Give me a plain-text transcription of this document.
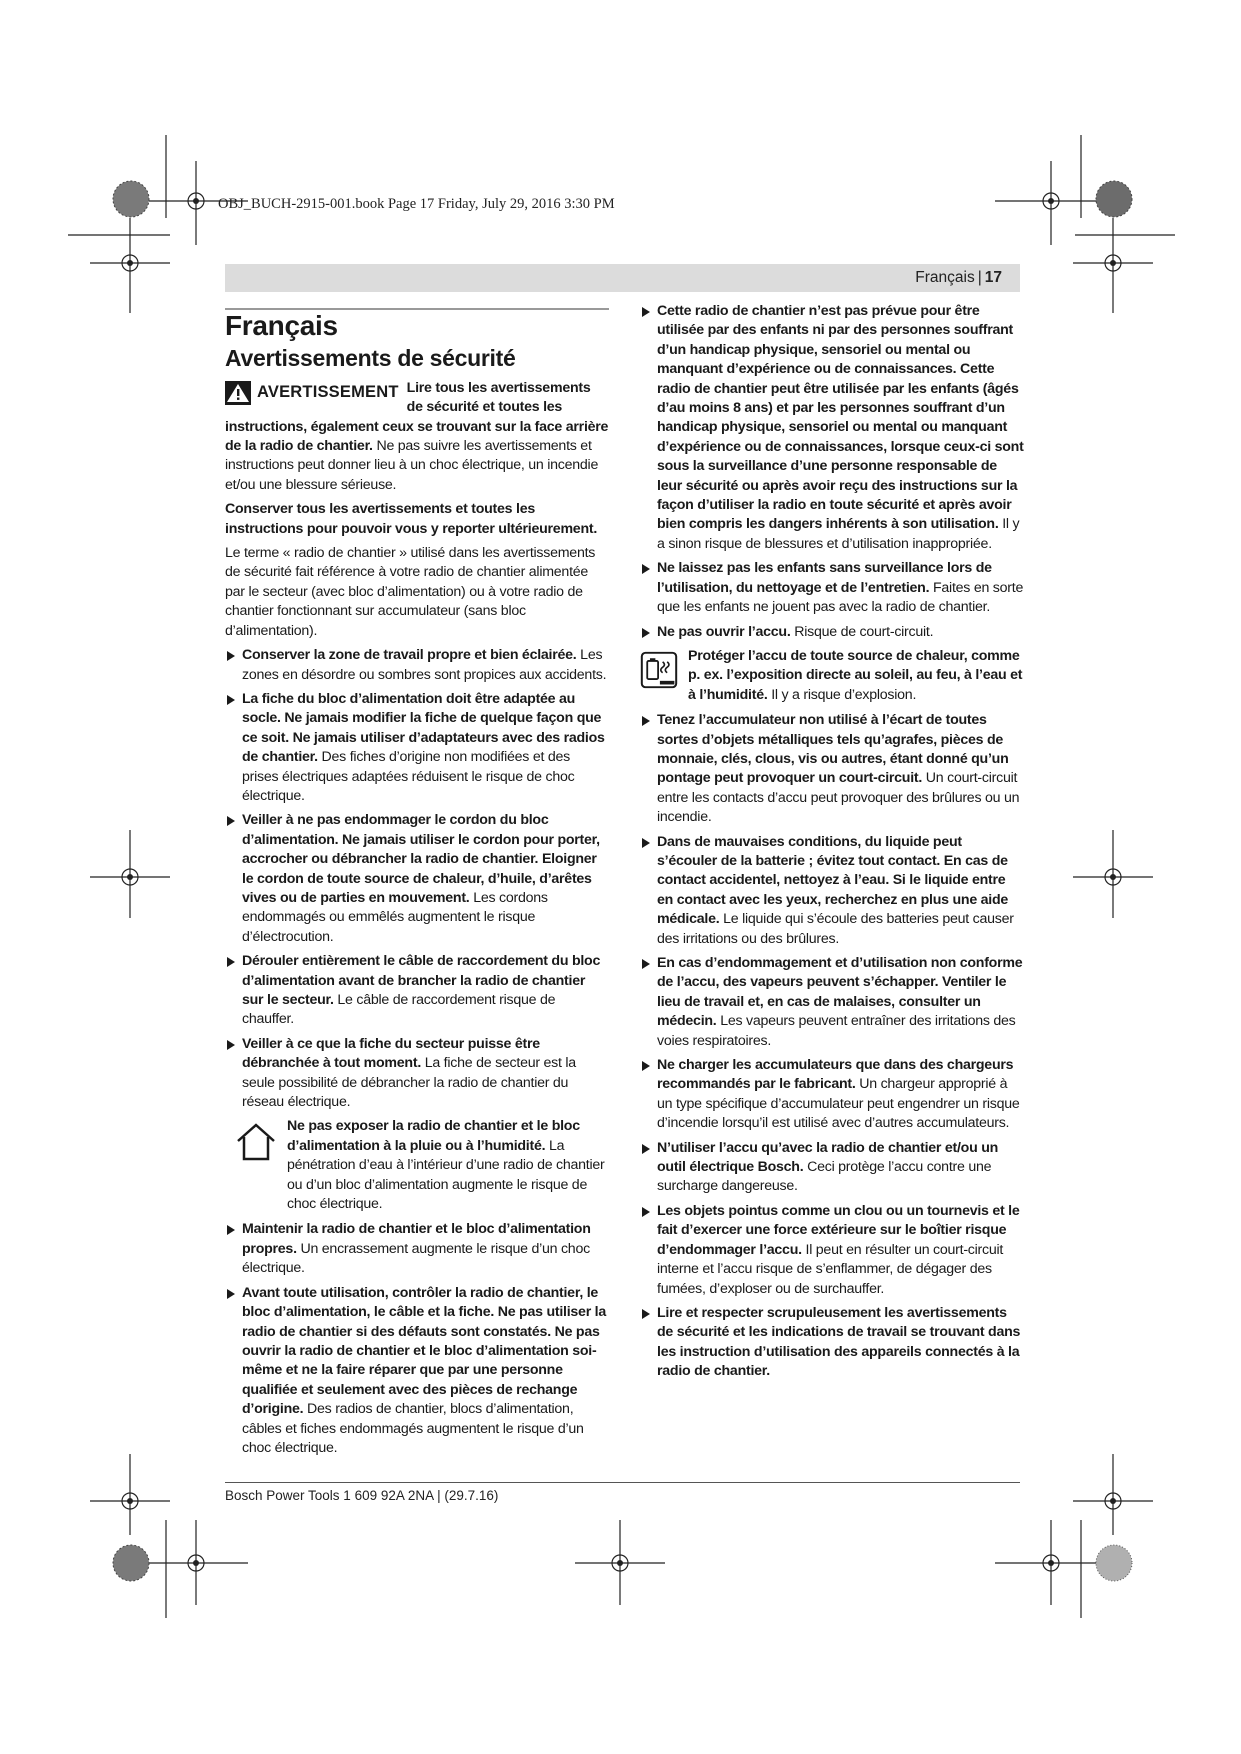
OBJ_BUCH-2915-001.book Page 17 Friday, July 29, 2016 3:30 PM
Français | 17
Français
Avertissements de sécurité

AVERTISSEMENT Lire tous les avertissements de sécurité et toutes les instructions, également ceux se trouvant sur la face arrière de la radio de chantier. Ne pas suivre les avertissements et instructions peut donner lieu à un choc électrique, un incendie et/ou une blessure sérieuse.

Conserver tous les avertissements et toutes les instructions pour pouvoir vous y reporter ultérieurement.

Le terme « radio de chantier » utilisé dans les avertissements de sécurité fait référence à votre radio de chantier alimentée par le secteur (avec bloc d’alimentation) ou à votre radio de chantier fonctionnant sur accumulateur (sans bloc d’alimentation).

Conserver la zone de travail propre et bien éclairée. Les zones en désordre ou sombres sont propices aux accidents.
La fiche du bloc d’alimentation doit être adaptée au socle. Ne jamais modifier la fiche de quelque façon que ce soit. Ne jamais utiliser d’adaptateurs avec des radios de chantier. Des fiches d’origine non modifiées et des prises électriques adaptées réduisent le risque de choc électrique.
Veiller à ne pas endommager le cordon du bloc d’alimentation. Ne jamais utiliser le cordon pour porter, accrocher ou débrancher la radio de chantier. Eloigner le cordon de toute source de chaleur, d’huile, d’arêtes vives ou de parties en mouvement. Les cordons endommagés ou emmêlés augmentent le risque d’électrocution.
Dérouler entièrement le câble de raccordement du bloc d’alimentation avant de brancher la radio de chantier sur le secteur. Le câble de raccordement risque de chauffer.
Veiller à ce que la fiche du secteur puisse être débranchée à tout moment. La fiche de secteur est la seule possibilité de débrancher la radio de chantier du réseau électrique.
Ne pas exposer la radio de chantier et le bloc d’alimentation à la pluie ou à l’humidité. La pénétration d’eau à l’intérieur d’une radio de chantier ou d’un bloc d’alimentation augmente le risque de choc électrique.
Maintenir la radio de chantier et le bloc d’alimentation propres. Un encrassement augmente le risque d’un choc électrique.
Avant toute utilisation, contrôler la radio de chantier, le bloc d’alimentation, le câble et la fiche. Ne pas utiliser la radio de chantier si des défauts sont constatés. Ne pas ouvrir la radio de chantier et le bloc d’alimentation soi-même et ne la faire réparer que par une personne qualifiée et seulement avec des pièces de rechange d’origine. Des radios de chantier, blocs d’alimentation, câbles et fiches endommagés augmentent le risque d’un choc électrique.
Cette radio de chantier n’est pas prévue pour être utilisée par des enfants ni par des personnes souffrant d’un handicap physique, sensoriel ou mental ou manquant d’expérience ou de connaissances. Cette radio de chantier peut être utilisée par les enfants (âgés d’au moins 8 ans) et par les personnes souffrant d’un handicap physique, sensoriel ou mental ou manquant d’expérience ou de connaissances, lorsque ceux-ci sont sous la surveillance d’une personne responsable de leur sécurité ou après avoir reçu des instructions sur la façon d’utiliser la radio en toute sécurité et après avoir bien compris les dangers inhérents à son utilisation. Il y a sinon risque de blessures et d’utilisation inappropriée.
Ne laissez pas les enfants sans surveillance lors de l’utilisation, du nettoyage et de l’entretien. Faites en sorte que les enfants ne jouent pas avec la radio de chantier.
Ne pas ouvrir l’accu. Risque de court-circuit.
Protéger l’accu de toute source de chaleur, comme p. ex. l’exposition directe au soleil, au feu, à l’eau et à l’humidité. Il y a risque d’explosion.
Tenez l’accumulateur non utilisé à l’écart de toutes sortes d’objets métalliques tels qu’agrafes, pièces de monnaie, clés, clous, vis ou autres, étant donné qu’un pontage peut provoquer un court-circuit. Un court-circuit entre les contacts d’accu peut provoquer des brûlures ou un incendie.
Dans de mauvaises conditions, du liquide peut s’écouler de la batterie ; évitez tout contact. En cas de contact accidentel, nettoyez à l’eau. Si le liquide entre en contact avec les yeux, recherchez en plus une aide médicale. Le liquide qui s’écoule des batteries peut causer des irritations ou des brûlures.
En cas d’endommagement et d’utilisation non conforme de l’accu, des vapeurs peuvent s’échapper. Ventiler le lieu de travail et, en cas de malaises, consulter un médecin. Les vapeurs peuvent entraîner des irritations des voies respiratoires.
Ne charger les accumulateurs que dans des chargeurs recommandés par le fabricant. Un chargeur approprié à un type spécifique d’accumulateur peut engendrer un risque d’incendie lorsqu’il est utilisé avec d’autres accumulateurs.
N’utiliser l’accu qu’avec la radio de chantier et/ou un outil électrique Bosch. Ceci protège l’accu contre une surcharge dangereuse.
Les objets pointus comme un clou ou un tournevis et le fait d’exercer une force extérieure sur le boîtier risque d’endommager l’accu. Il peut en résulter un court-circuit interne et l’accu risque de s’enflammer, de dégager des fumées, d’exploser ou de surchauffer.
Lire et respecter scrupuleusement les avertissements de sécurité et les indications de travail se trouvant dans les instruction d’utilisation des appareils connectés à la radio de chantier.
Bosch Power Tools 1 609 92A 2NA | (29.7.16)
